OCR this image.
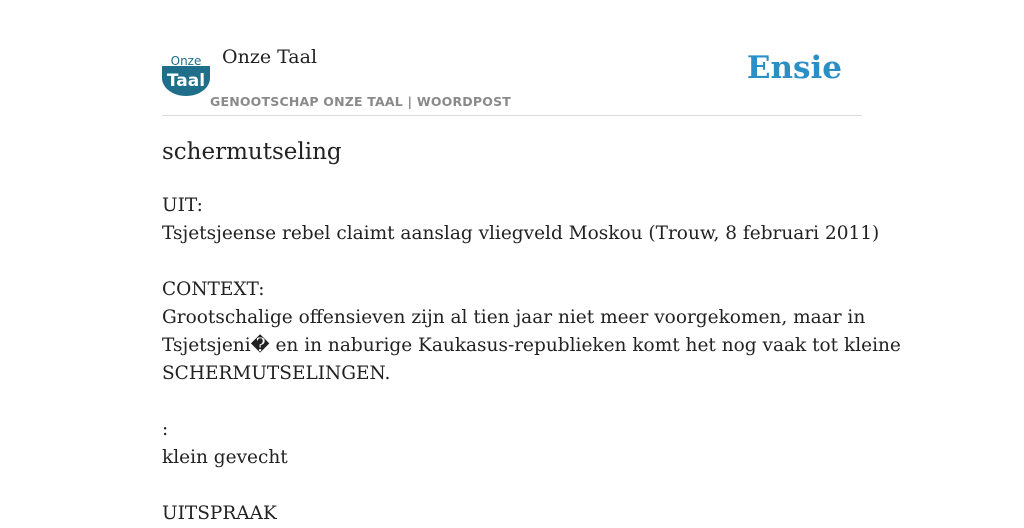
Onze
Taal
Onze Taal
GENOOTSCHAP ONZE TAAL | WOORDPOST
Ensie
schermutseling
UIT:
Tsjetsjeense rebel claimt aanslag vliegveld Moskou (Trouw, 8 februari 2011)
CONTEXT:
Grootschalige offensieven zijn al tien jaar niet meer voorgekomen, maar in
Tsjetsjeni� en in naburige Kaukasus-republieken komt het nog vaak tot kleine
SCHERMUTSELINGEN.
:
klein gevecht
UITSPRAAK
